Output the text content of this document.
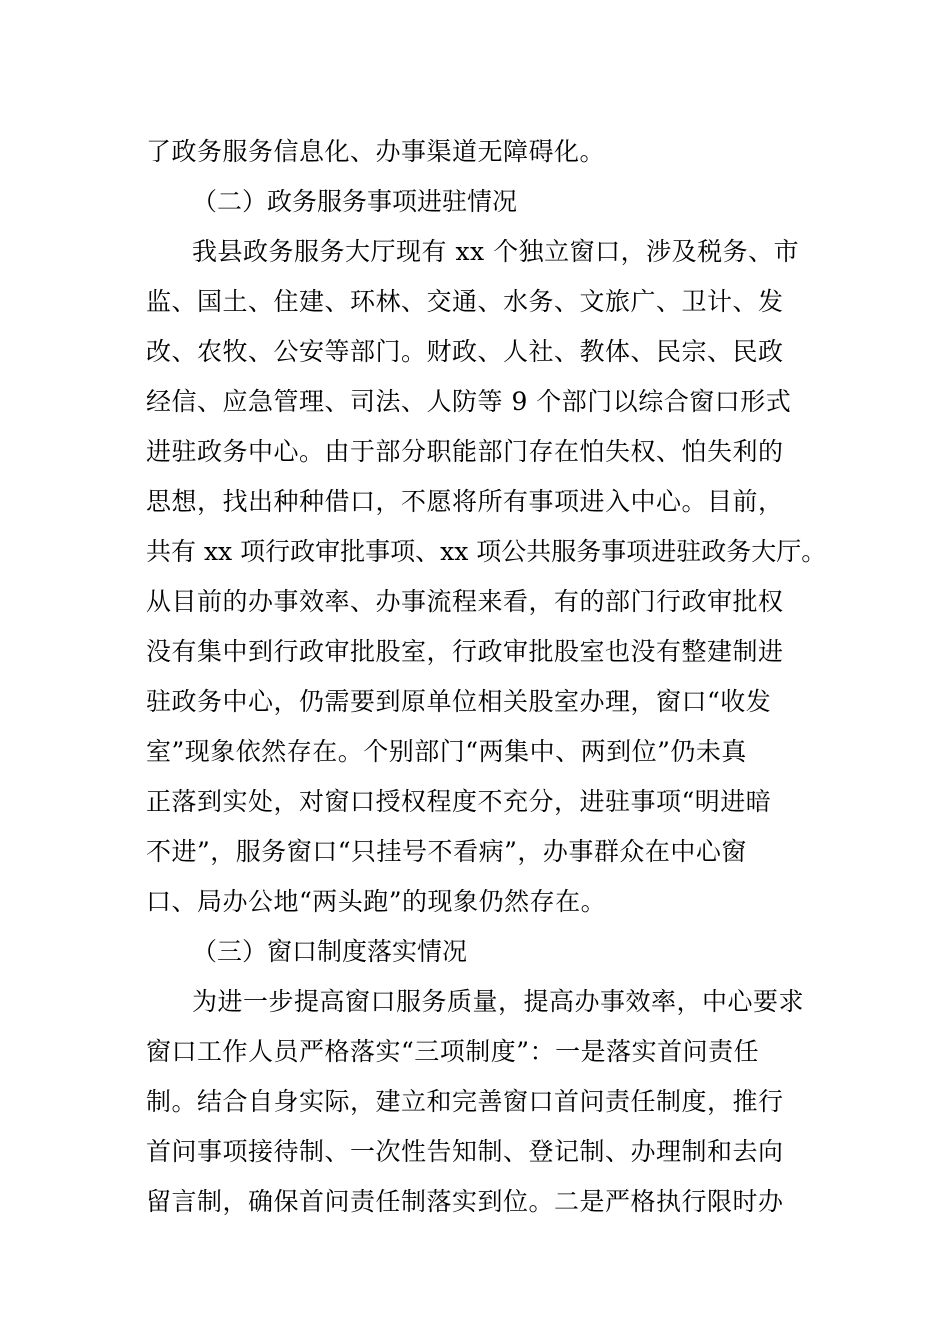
了政务服务信息化、办事渠道无障碍化。
（二）政务服务事项进驻情况
我县政务服务大厅现有 xx 个独立窗口，涉及税务、市
监、国土、住建、环林、交通、水务、文旅广、卫计、发
改、农牧、公安等部门。财政、人社、教体、民宗、民政
经信、应急管理、司法、人防等 9 个部门以综合窗口形式
进驻政务中心。由于部分职能部门存在怕失权、怕失利的
思想，找出种种借口，不愿将所有事项进入中心。目前，
共有 xx 项行政审批事项、xx 项公共服务事项进驻政务大厅。
从目前的办事效率、办事流程来看，有的部门行政审批权
没有集中到行政审批股室，行政审批股室也没有整建制进
驻政务中心，仍需要到原单位相关股室办理，窗口“收发
室”现象依然存在。个别部门“两集中、两到位”仍未真
正落到实处，对窗口授权程度不充分，进驻事项“明进暗
不进”，服务窗口“只挂号不看病”，办事群众在中心窗
口、局办公地“两头跑”的现象仍然存在。
（三）窗口制度落实情况
为进一步提高窗口服务质量，提高办事效率，中心要求
窗口工作人员严格落实“三项制度”：一是落实首问责任
制。结合自身实际，建立和完善窗口首问责任制度，推行
首问事项接待制、一次性告知制、登记制、办理制和去向
留言制，确保首问责任制落实到位。二是严格执行限时办
